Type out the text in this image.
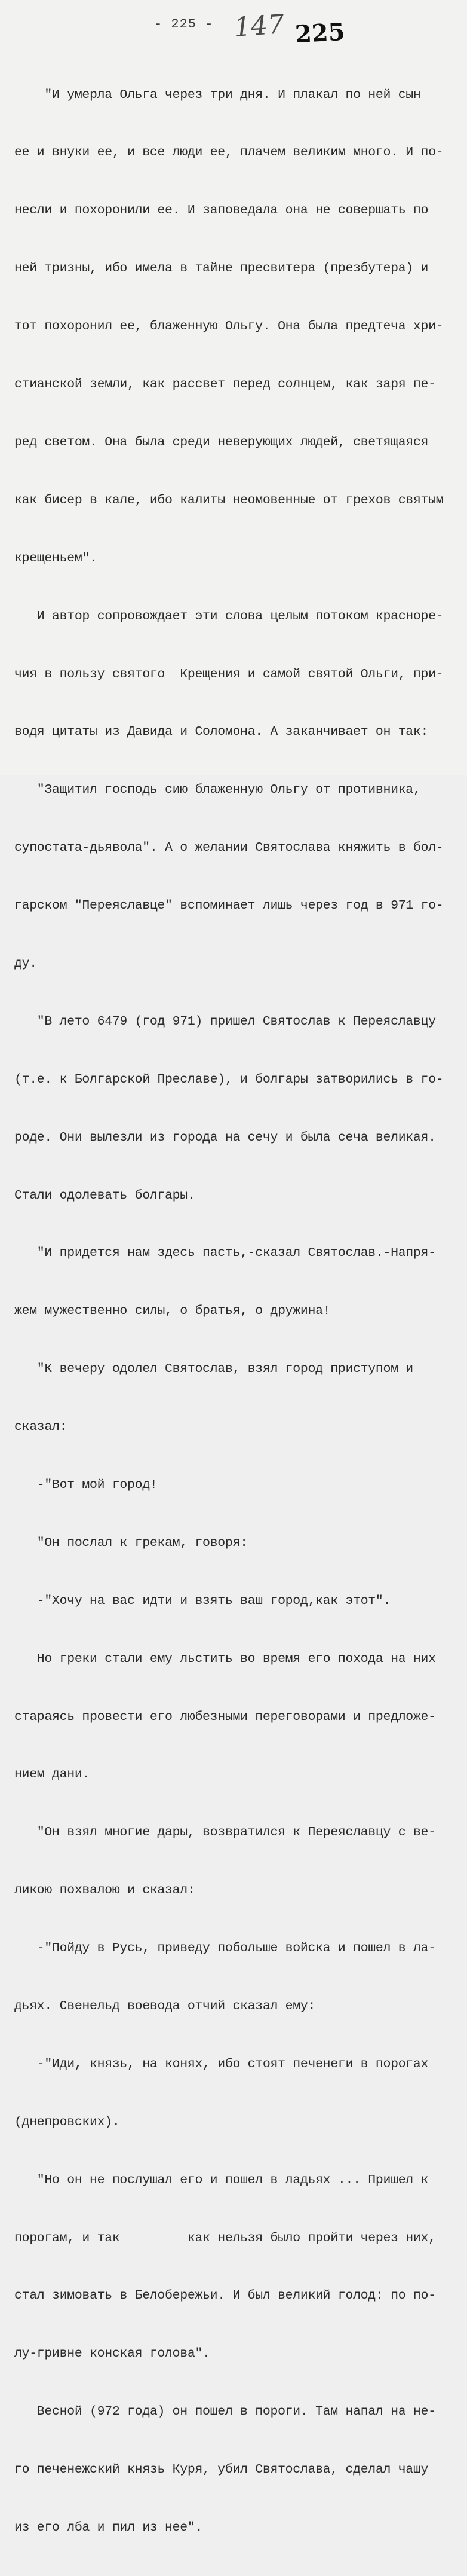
- 225 - 147 225

"И умерла Ольга через три дня. И плакал по ней сын

ее и внуки ее, и все люди ее, плачем великим много. И по-

несли и похоронили ее. И заповедала она не совершать по

ней тризны, ибо имела в тайне пресвитера (презбутера) и

тот похоронил ее, блаженную Ольгу. Она была предтеча хри-

стианской земли, как рассвет перед солнцем, как заря пе-

ред светом. Она была среди неверующих людей, светящаяся

как бисер в кале, ибо калиты неомовенные от грехов святым

крещеньем".

И автор сопровождает эти слова целым потоком красноре-

чия в пользу святого  Крещения и самой святой Ольги, при-

водя цитаты из Давида и Соломона. А заканчивает он так:

"Защитил господь сию блаженную Ольгу от противника,

супостата-дьявола". А о желании Святослава княжить в бол-

гарском "Переяславце" вспоминает лишь через год в 971 го-

ду.

"В лето 6479 (год 971) пришел Святослав к Переяславцу

(т.е. к Болгарской Преславе), и болгары затворились в го-

роде. Они вылезли из города на сечу и была сеча великая.

Стали одолевать болгары.

"И придется нам здесь пасть,-сказал Святослав.-Напря-

жем мужественно силы, о братья, о дружина!

"К вечеру одолел Святослав, взял город приступом и

сказал:

-"Вот мой город!

"Он послал к грекам, говоря:

-"Хочу на вас идти и взять ваш город,как этот".

Но греки стали ему льстить во время его похода на них

стараясь провести его любезными переговорами и предложе-

нием дани.

"Он взял многие дары, возвратился к Переяславцу с ве-

ликою похвалою и сказал:

-"Пойду в Русь, приведу побольше войска и пошел в ла-

дьях. Свенельд воевода отчий сказал ему:

-"Иди, князь, на конях, ибо стоят печенеги в порогах

(днепровских).

"Но он не послушал его и пошел в ладьях ... Пришел к

порогам, и так         как нельзя было пройти через них,

стал зимовать в Белобережьи. И был великий голод: по по-

лу-гривне конская голова".

Весной (972 года) он пошел в пороги. Там напал на не-

го печенежский князь Куря, убил Святослава, сделал чашу

из его лба и пил из нее".
